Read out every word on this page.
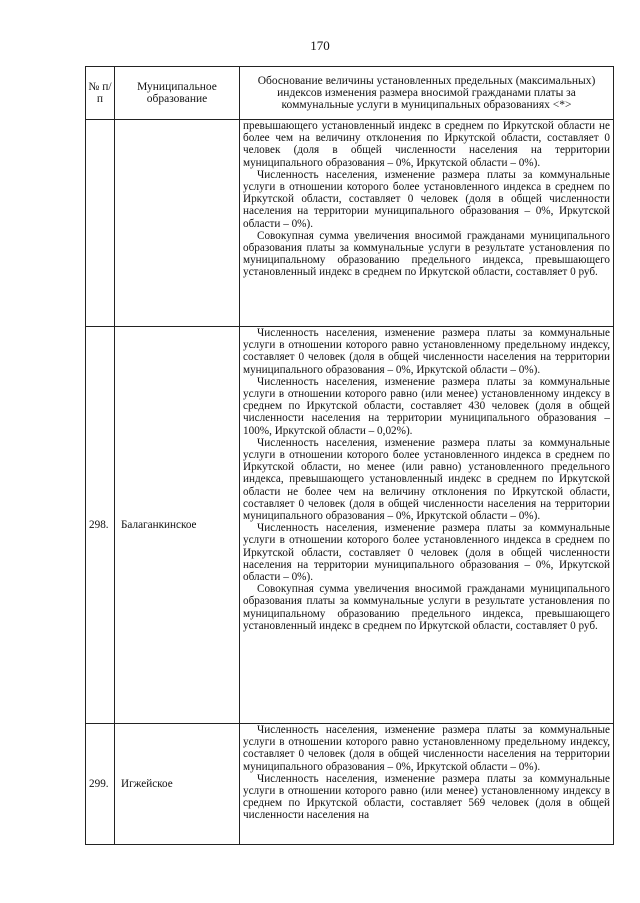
170
№ п/п	Муниципальное образование	Обоснование величины установленных предельных (максимальных) индексов изменения размера вносимой гражданами платы за коммунальные услуги в муниципальных образованиях <*>

		превышающего установленный индекс в среднем по Иркутской области не более чем на величину отклонения по Иркутской области, составляет 0 человек (доля в общей численности населения на территории муниципального образования – 0%, Иркутской области – 0%).

Численность населения, изменение размера платы за коммунальные услуги в отношении которого более установленного индекса в среднем по Иркутской области, составляет 0 человек (доля в общей численности населения на территории муниципального образования – 0%, Иркутской области – 0%).

Совокупная сумма увеличения вносимой гражданами муниципального образования платы за коммунальные услуги в результате установления по муниципальному образованию предельного индекса, превышающего установленный индекс в среднем по Иркутской области, составляет 0 руб.

298.	Балаганкинское	Численность населения, изменение размера платы за коммунальные услуги в отношении которого равно установленному предельному индексу, составляет 0 человек (доля в общей численности населения на территории муниципального образования – 0%, Иркутской области – 0%).

Численность населения, изменение размера платы за коммунальные услуги в отношении которого равно (или менее) установленному индексу в среднем по Иркутской области, составляет 430 человек (доля в общей численности населения на территории муниципального образования – 100%, Иркутской области – 0,02%).

Численность населения, изменение размера платы за коммунальные услуги в отношении которого более установленного индекса в среднем по Иркутской области, но менее (или равно) установленного предельного индекса, превышающего установленный индекс в среднем по Иркутской области не более чем на величину отклонения по Иркутской области, составляет 0 человек (доля в общей численности населения на территории муниципального образования – 0%, Иркутской области – 0%).

Численность населения, изменение размера платы за коммунальные услуги в отношении которого более установленного индекса в среднем по Иркутской области, составляет 0 человек (доля в общей численности населения на территории муниципального образования – 0%, Иркутской области – 0%).

Совокупная сумма увеличения вносимой гражданами муниципального образования платы за коммунальные услуги в результате установления по муниципальному образованию предельного индекса, превышающего установленный индекс в среднем по Иркутской области, составляет 0 руб.

299.	Игжейское	Численность населения, изменение размера платы за коммунальные услуги в отношении которого равно установленному предельному индексу, составляет 0 человек (доля в общей численности населения на территории муниципального образования – 0%, Иркутской области – 0%).

Численность населения, изменение размера платы за коммунальные услуги в отношении которого равно (или менее) установленному индексу в среднем по Иркутской области, составляет 569 человек (доля в общей численности населения на
